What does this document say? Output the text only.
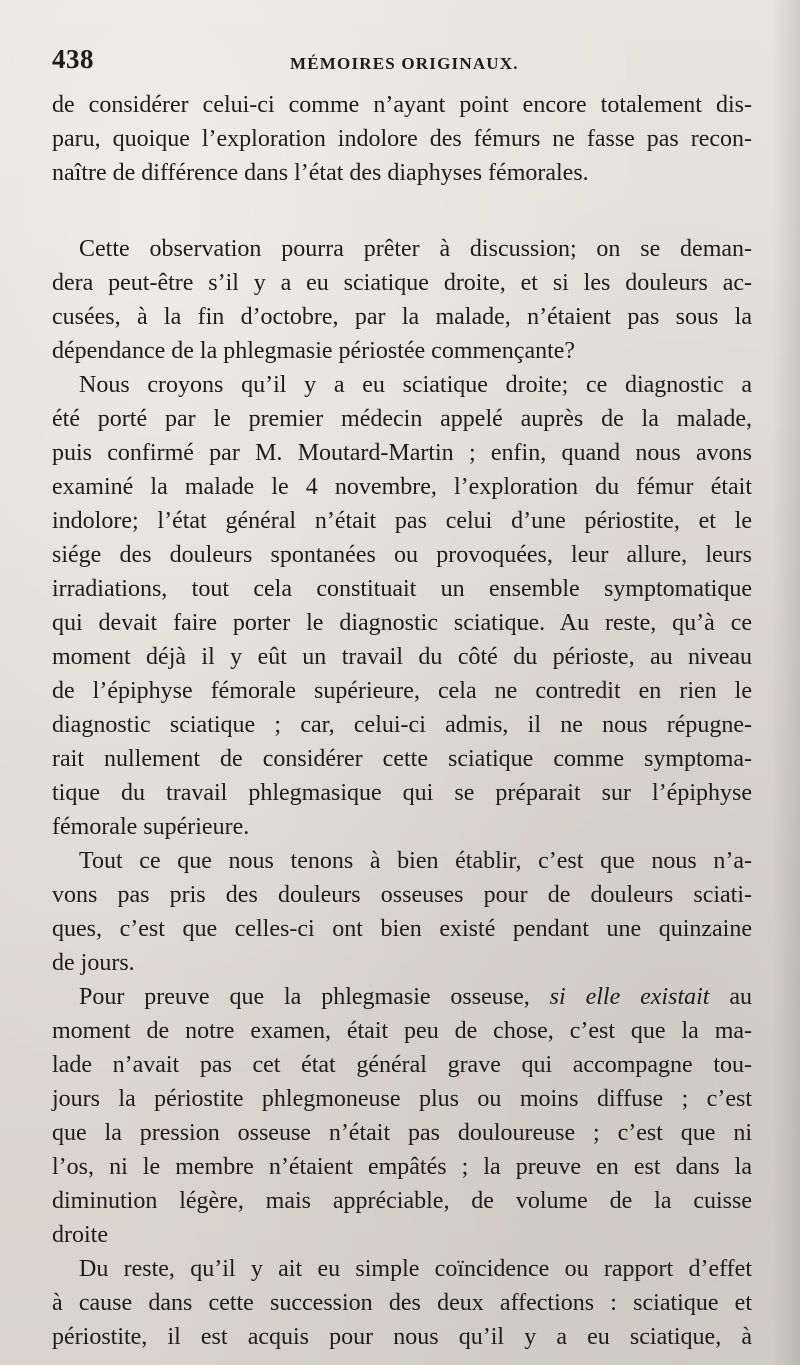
438	MÉMOIRES ORIGINAUX.
de considérer celui-ci comme n’ayant point encore totalement dis-
paru, quoique l’exploration indolore des fémurs ne fasse pas recon-
naître de différence dans l’état des diaphyses fémorales.
Cette observation pourra prêter à discussion; on se deman-
dera peut-être s’il y a eu sciatique droite, et si les douleurs ac-
cusées, à la fin d’octobre, par la malade, n’étaient pas sous la
dépendance de la phlegmasie périostée commençante?
Nous croyons qu’il y a eu sciatique droite; ce diagnostic a
été porté par le premier médecin appelé auprès de la malade,
puis confirmé par M. Moutard-Martin ; enfin, quand nous avons
examiné la malade le 4 novembre, l’exploration du fémur était
indolore; l’état général n’était pas celui d’une périostite, et le
siége des douleurs spontanées ou provoquées, leur allure, leurs
irradiations, tout cela constituait un ensemble symptomatique
qui devait faire porter le diagnostic sciatique. Au reste, qu’à ce
moment déjà il y eût un travail du côté du périoste, au niveau
de l’épiphyse fémorale supérieure, cela ne contredit en rien le
diagnostic sciatique ; car, celui-ci admis, il ne nous répugne-
rait nullement de considérer cette sciatique comme symptoma-
tique du travail phlegmasique qui se préparait sur l’épiphyse
fémorale supérieure.
Tout ce que nous tenons à bien établir, c’est que nous n’a-
vons pas pris des douleurs osseuses pour de douleurs sciati-
ques, c’est que celles-ci ont bien existé pendant une quinzaine
de jours.
Pour preuve que la phlegmasie osseuse, si elle existait au
moment de notre examen, était peu de chose, c’est que la ma-
lade n’avait pas cet état général grave qui accompagne tou-
jours la périostite phlegmoneuse plus ou moins diffuse ; c’est
que la pression osseuse n’était pas douloureuse ; c’est que ni
l’os, ni le membre n’étaient empâtés ; la preuve en est dans la
diminution légère, mais appréciable, de volume de la cuisse
droite
Du reste, qu’il y ait eu simple coïncidence ou rapport d’effet
à cause dans cette succession des deux affections : sciatique et
périostite, il est acquis pour nous qu’il y a eu sciatique, à
